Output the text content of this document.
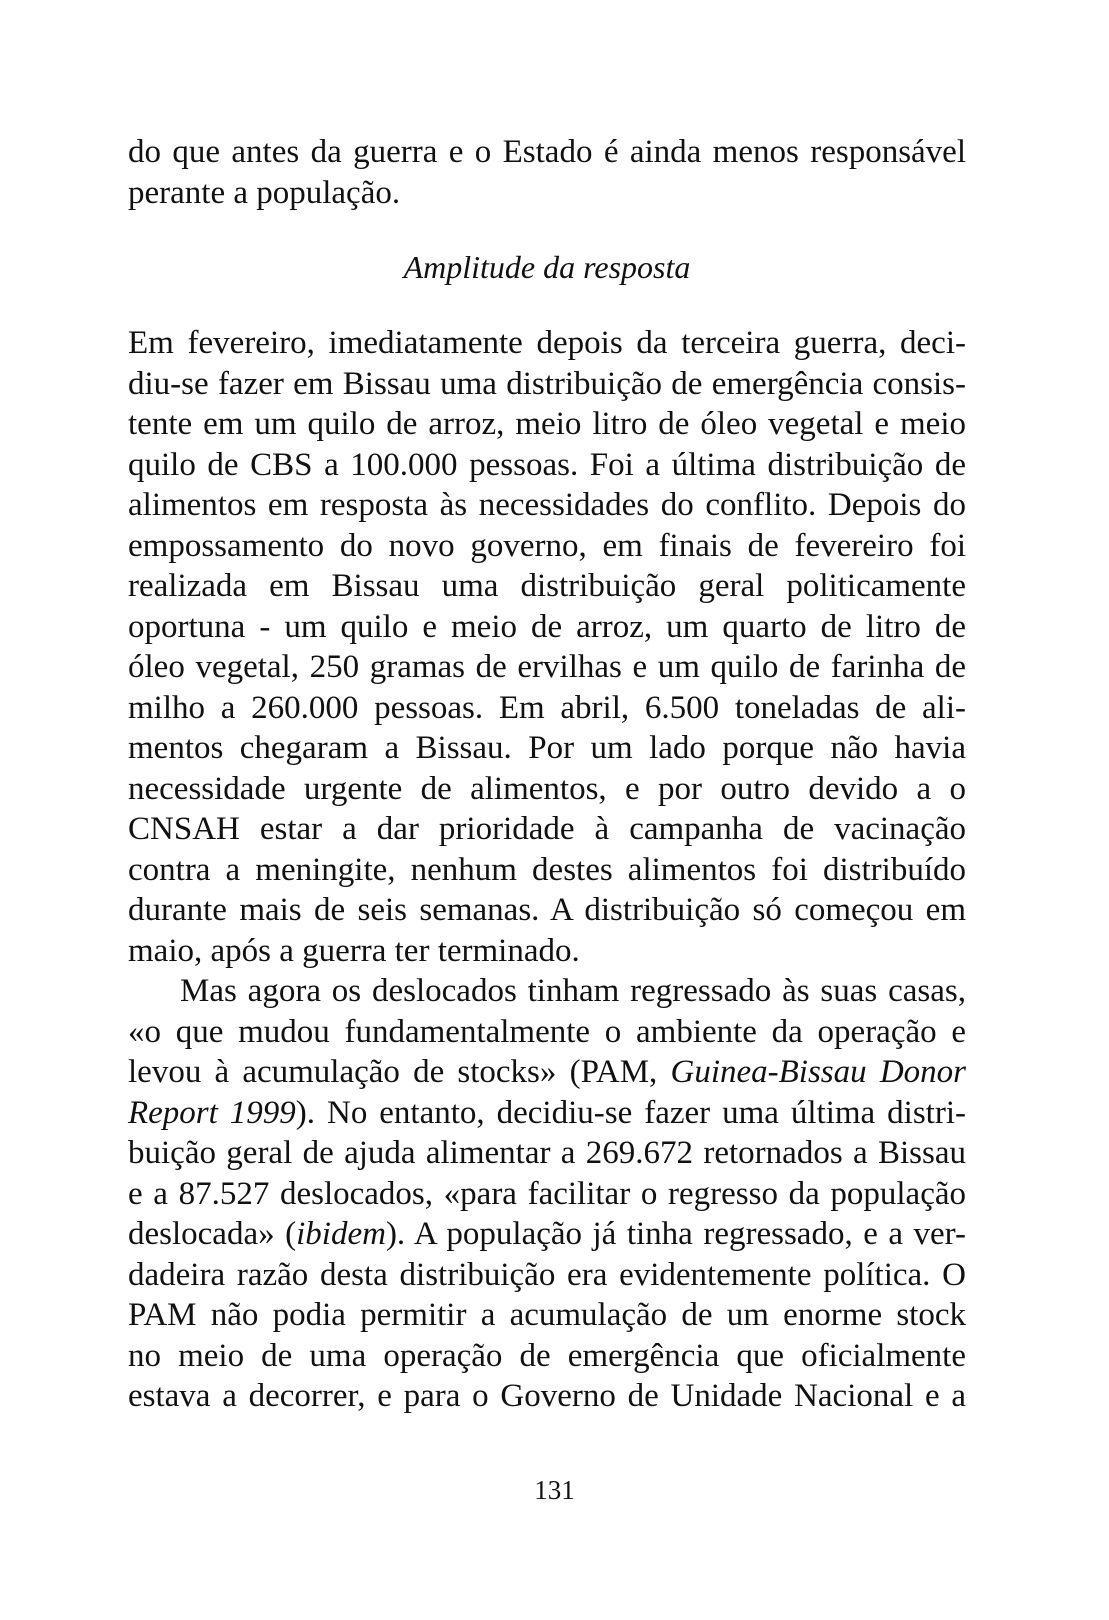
do que antes da guerra e o Estado é ainda menos responsável
perante a população.
Amplitude da resposta
Em fevereiro, imediatamente depois da terceira guerra, deci-
diu-se fazer em Bissau uma distribuição de emergência consis-
tente em um quilo de arroz, meio litro de óleo vegetal e meio
quilo de CBS a 100.000 pessoas. Foi a última distribuição de
alimentos em resposta às necessidades do conflito. Depois do
empossamento do novo governo, em finais de fevereiro foi
realizada em Bissau uma distribuição geral politicamente
oportuna - um quilo e meio de arroz, um quarto de litro de
óleo vegetal, 250 gramas de ervilhas e um quilo de farinha de
milho a 260.000 pessoas. Em abril, 6.500 toneladas de ali-
mentos chegaram a Bissau. Por um lado porque não havia
necessidade urgente de alimentos, e por outro devido a o
CNSAH estar a dar prioridade à campanha de vacinação
contra a meningite, nenhum destes alimentos foi distribuído
durante mais de seis semanas. A distribuição só começou em
maio, após a guerra ter terminado.
Mas agora os deslocados tinham regressado às suas casas,
«o que mudou fundamentalmente o ambiente da operação e
levou à acumulação de stocks» (PAM, Guinea-Bissau Donor
Report 1999). No entanto, decidiu-se fazer uma última distri-
buição geral de ajuda alimentar a 269.672 retornados a Bissau
e a 87.527 deslocados, «para facilitar o regresso da população
deslocada» (ibidem). A população já tinha regressado, e a ver-
dadeira razão desta distribuição era evidentemente política. O
PAM não podia permitir a acumulação de um enorme stock
no meio de uma operação de emergência que oficialmente
estava a decorrer, e para o Governo de Unidade Nacional e a
131
